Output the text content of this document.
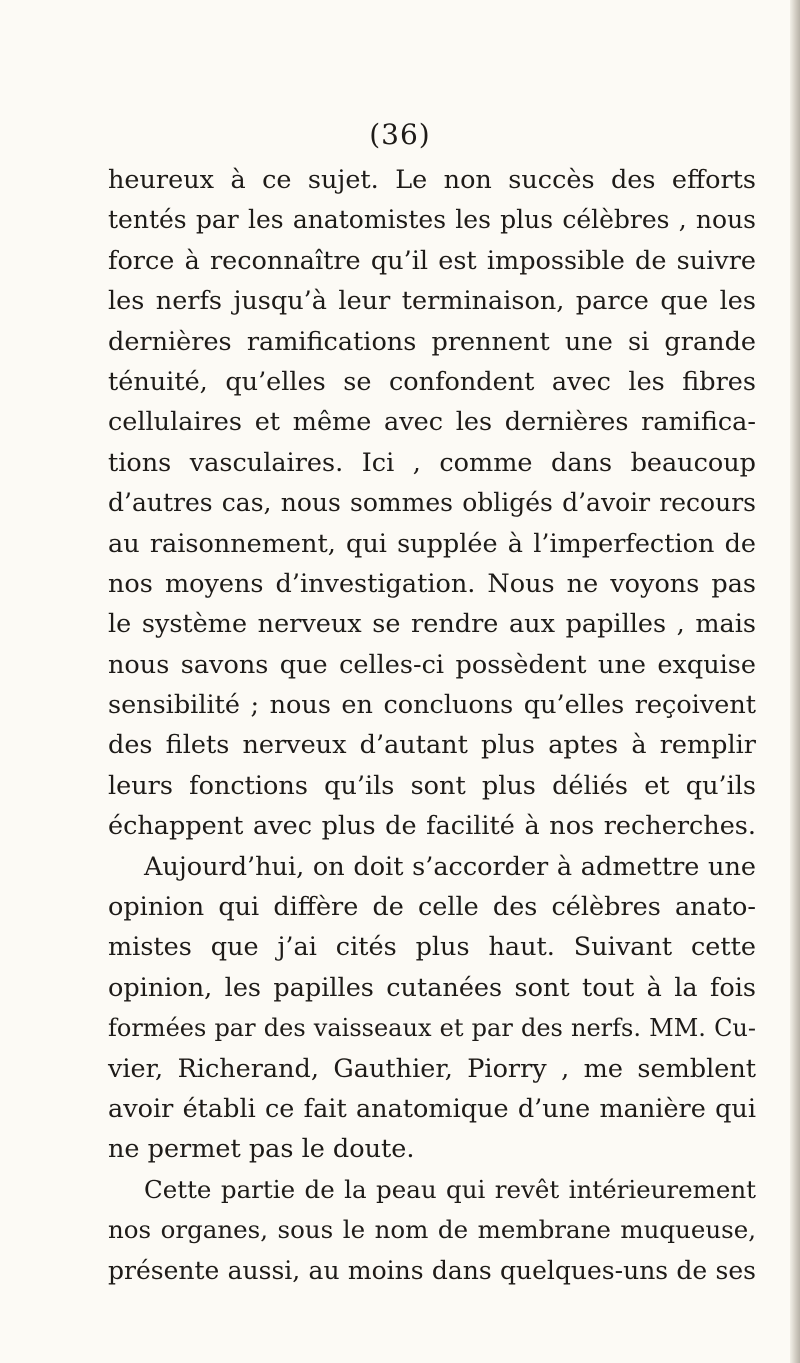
(36)
heureux à ce sujet. Le non succès des efforts
tentés par les anatomistes les plus célèbres , nous
force à reconnaître qu’il est impossible de suivre
les nerfs jusqu’à leur terminaison, parce que les
dernières ramifications prennent une si grande
ténuité, qu’elles se confondent avec les fibres
cellulaires et même avec les dernières ramifica-
tions vasculaires. Ici , comme dans beaucoup
d’autres cas, nous sommes obligés d’avoir recours
au raisonnement, qui supplée à l’imperfection de
nos moyens d’investigation. Nous ne voyons pas
le système nerveux se rendre aux papilles , mais
nous savons que celles-ci possèdent une exquise
sensibilité ; nous en concluons qu’elles reçoivent
des filets nerveux d’autant plus aptes à remplir
leurs fonctions qu’ils sont plus déliés et qu’ils
échappent avec plus de facilité à nos recherches.
Aujourd’hui, on doit s’accorder à admettre une
opinion qui diffère de celle des célèbres anato-
mistes que j’ai cités plus haut. Suivant cette
opinion, les papilles cutanées sont tout à la fois
formées par des vaisseaux et par des nerfs. MM. Cu-
vier, Richerand, Gauthier, Piorry , me semblent
avoir établi ce fait anatomique d’une manière qui
ne permet pas le doute.
Cette partie de la peau qui revêt intérieurement
nos organes, sous le nom de membrane muqueuse,
présente aussi, au moins dans quelques-uns de ses
